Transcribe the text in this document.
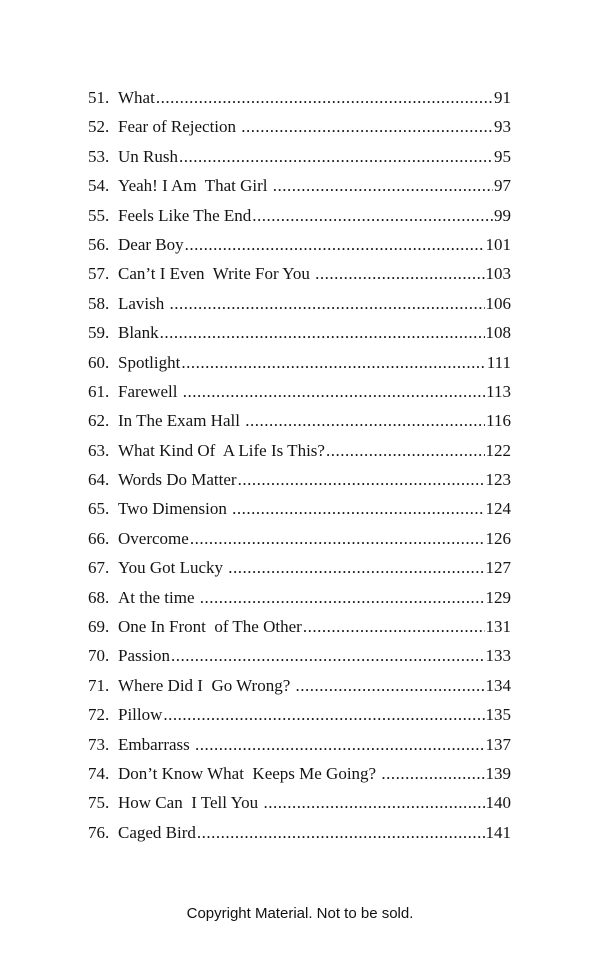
51. What .....	91
52. Fear of Rejection .....	93
53. Un Rush .....	95
54. Yeah! I Am  That Girl .....	97
55. Feels Like The End .....	99
56. Dear Boy .....	101
57. Can’t I Even  Write For You .....	103
58. Lavish .....	106
59. Blank .....	108
60. Spotlight .....	111
61. Farewell .....	113
62. In The Exam Hall .....	116
63. What Kind Of  A Life Is This? .....	122
64. Words Do Matter .....	123
65. Two Dimension .....	124
66. Overcome .....	126
67. You Got Lucky .....	127
68. At the time .....	129
69. One In Front  of The Other .....	131
70. Passion .....	133
71. Where Did I  Go Wrong? .....	134
72. Pillow .....	135
73. Embarrass .....	137
74. Don’t Know What  Keeps Me Going? .....	139
75. How Can  I Tell You .....	140
76. Caged Bird .....	141
Copyright Material. Not to be sold.
